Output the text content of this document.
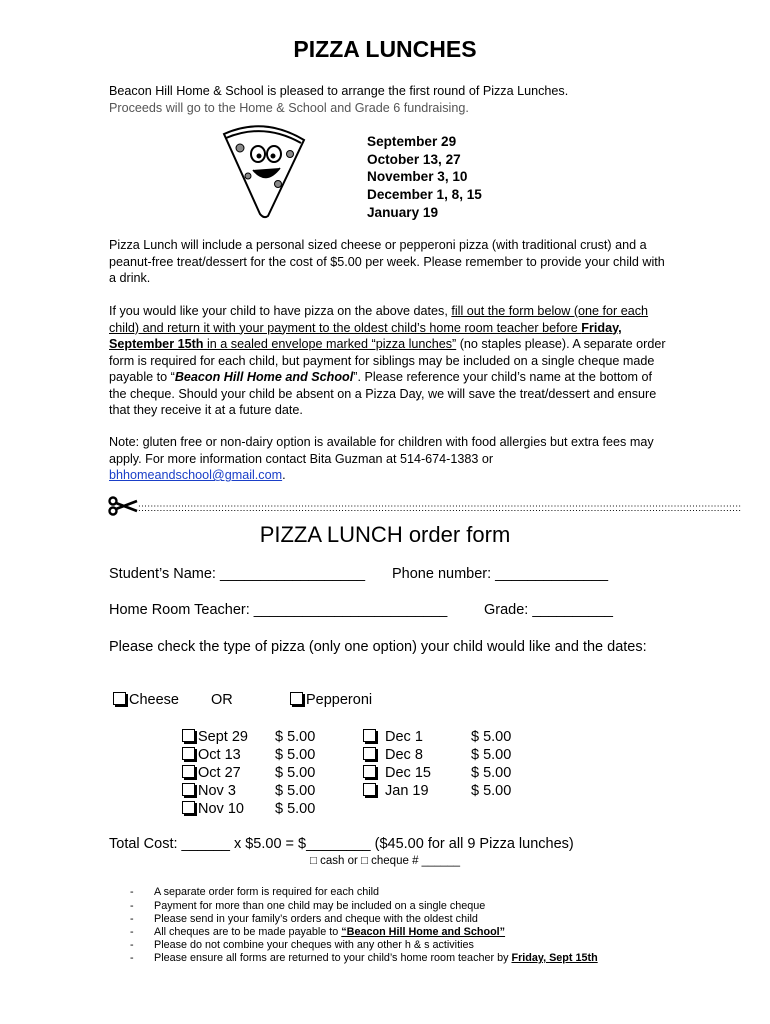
PIZZA LUNCHES
Beacon Hill Home & School is pleased to arrange the first round of Pizza Lunches.
Proceeds will go to the Home & School and Grade 6 fundraising.
September 29
October 13, 27
November 3, 10
December 1, 8, 15
January 19
Pizza Lunch will include a personal sized cheese or pepperoni pizza (with traditional crust) and a peanut-free treat/dessert for the cost of $5.00 per week. Please remember to provide your child with a drink.
If you would like your child to have pizza on the above dates, fill out the form below (one for each child) and return it with your payment to the oldest child’s home room teacher before Friday, September 15th in a sealed envelope marked “pizza lunches” (no staples please). A separate order form is required for each child, but payment for siblings may be included on a single cheque made payable to “Beacon Hill Home and School”. Please reference your child’s name at the bottom of the cheque. Should your child be absent on a Pizza Day, we will save the treat/dessert and ensure that they receive it at a future date.
Note: gluten free or non-dairy option is available for children with food allergies but extra fees may apply. For more information contact Bita Guzman at 514-674-1383 or bhhomeandschool@gmail.com.
::::::::::::::::::::::::::::::::::::::::::::::::::::::::::::::::::::::::::::::::::::::::::::::::::::::::::::::::::::::::::::::::::::::::::::::::::::::::::::::::::::::::::::::::::::::::::::::::::::
PIZZA LUNCH order form
Student’s Name: __________________ Phone number: ______________
Home Room Teacher: ________________________	Grade: __________
Please check the type of pizza (only one option) your child would like and the dates:
Cheese OR	Pepperoni
Sept 29 $ 5.00
Oct 13 $ 5.00
Oct 27 $ 5.00
Nov 3	$ 5.00
Nov 10 $ 5.00
Dec 1	$ 5.00
Dec 8	$ 5.00
Dec 15	$ 5.00
Jan 19	$ 5.00
Total Cost: ______ x $5.00 = $________ ($45.00 for all 9 Pizza lunches)
□ cash or □ cheque # ______
- A separate order form is required for each child
- Payment for more than one child may be included on a single cheque
- Please send in your family’s orders and cheque with the oldest child
- All cheques are to be made payable to “Beacon Hill Home and School”
- Please do not combine your cheques with any other h & s activities
- Please ensure all forms are returned to your child’s home room teacher by Friday, Sept 15th
